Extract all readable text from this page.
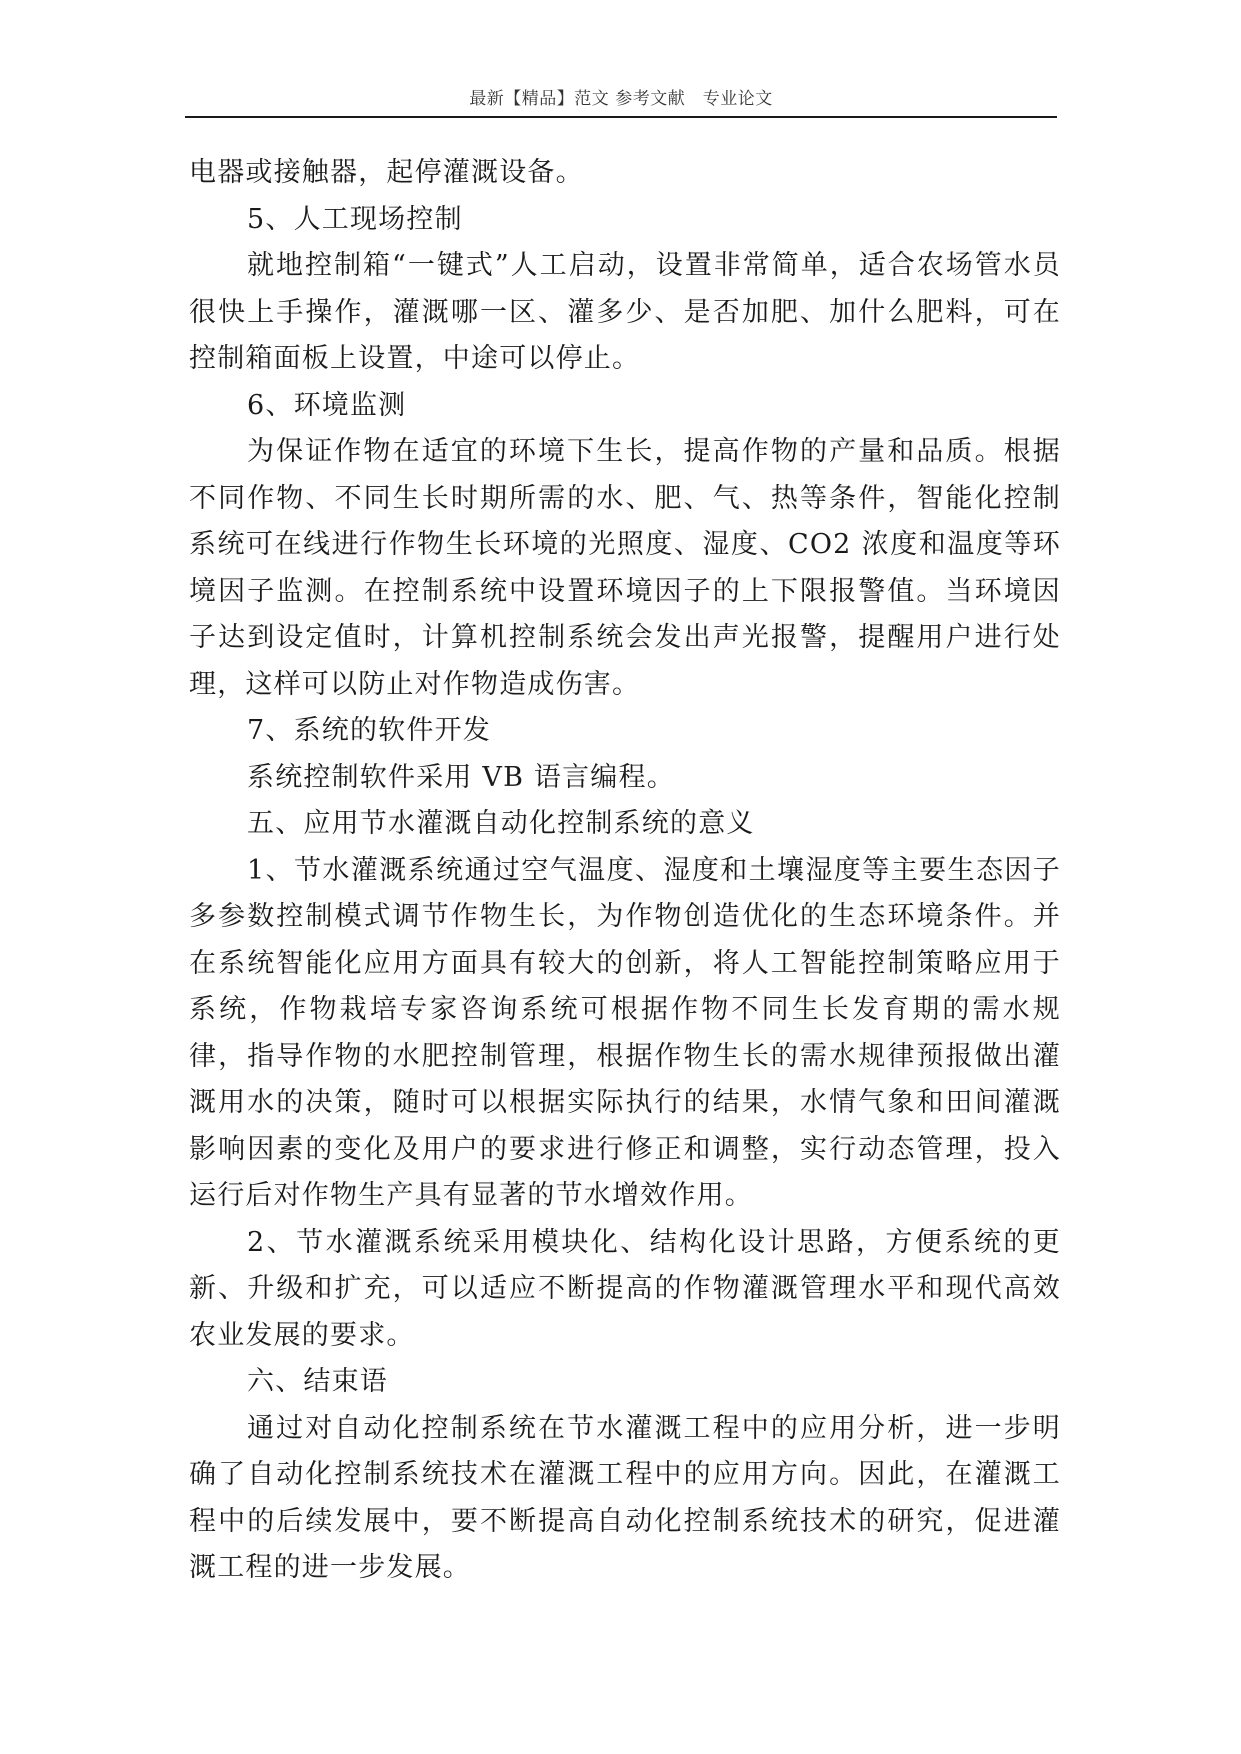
最新【精品】范文 参考文献　专业论文

电器或接触器，起停灌溉设备。

5、人工现场控制

就地控制箱“一键式”人工启动，设置非常简单，适合农场管水员很快上手操作，灌溉哪一区、灌多少、是否加肥、加什么肥料，可在控制箱面板上设置，中途可以停止。

6、环境监测

为保证作物在适宜的环境下生长，提高作物的产量和品质。根据不同作物、不同生长时期所需的水、肥、气、热等条件，智能化控制系统可在线进行作物生长环境的光照度、湿度、CO2 浓度和温度等环境因子监测。在控制系统中设置环境因子的上下限报警值。当环境因子达到设定值时，计算机控制系统会发出声光报警，提醒用户进行处理，这样可以防止对作物造成伤害。

7、系统的软件开发

系统控制软件采用 VB 语言编程。

五、应用节水灌溉自动化控制系统的意义

1、节水灌溉系统通过空气温度、湿度和土壤湿度等主要生态因子多参数控制模式调节作物生长，为作物创造优化的生态环境条件。并在系统智能化应用方面具有较大的创新，将人工智能控制策略应用于系统，作物栽培专家咨询系统可根据作物不同生长发育期的需水规律，指导作物的水肥控制管理，根据作物生长的需水规律预报做出灌溉用水的决策，随时可以根据实际执行的结果，水情气象和田间灌溉影响因素的变化及用户的要求进行修正和调整，实行动态管理，投入运行后对作物生产具有显著的节水增效作用。

2、节水灌溉系统采用模块化、结构化设计思路，方便系统的更新、升级和扩充，可以适应不断提高的作物灌溉管理水平和现代高效农业发展的要求。

六、结束语

通过对自动化控制系统在节水灌溉工程中的应用分析，进一步明确了自动化控制系统技术在灌溉工程中的应用方向。因此，在灌溉工程中的后续发展中，要不断提高自动化控制系统技术的研究，促进灌溉工程的进一步发展。
